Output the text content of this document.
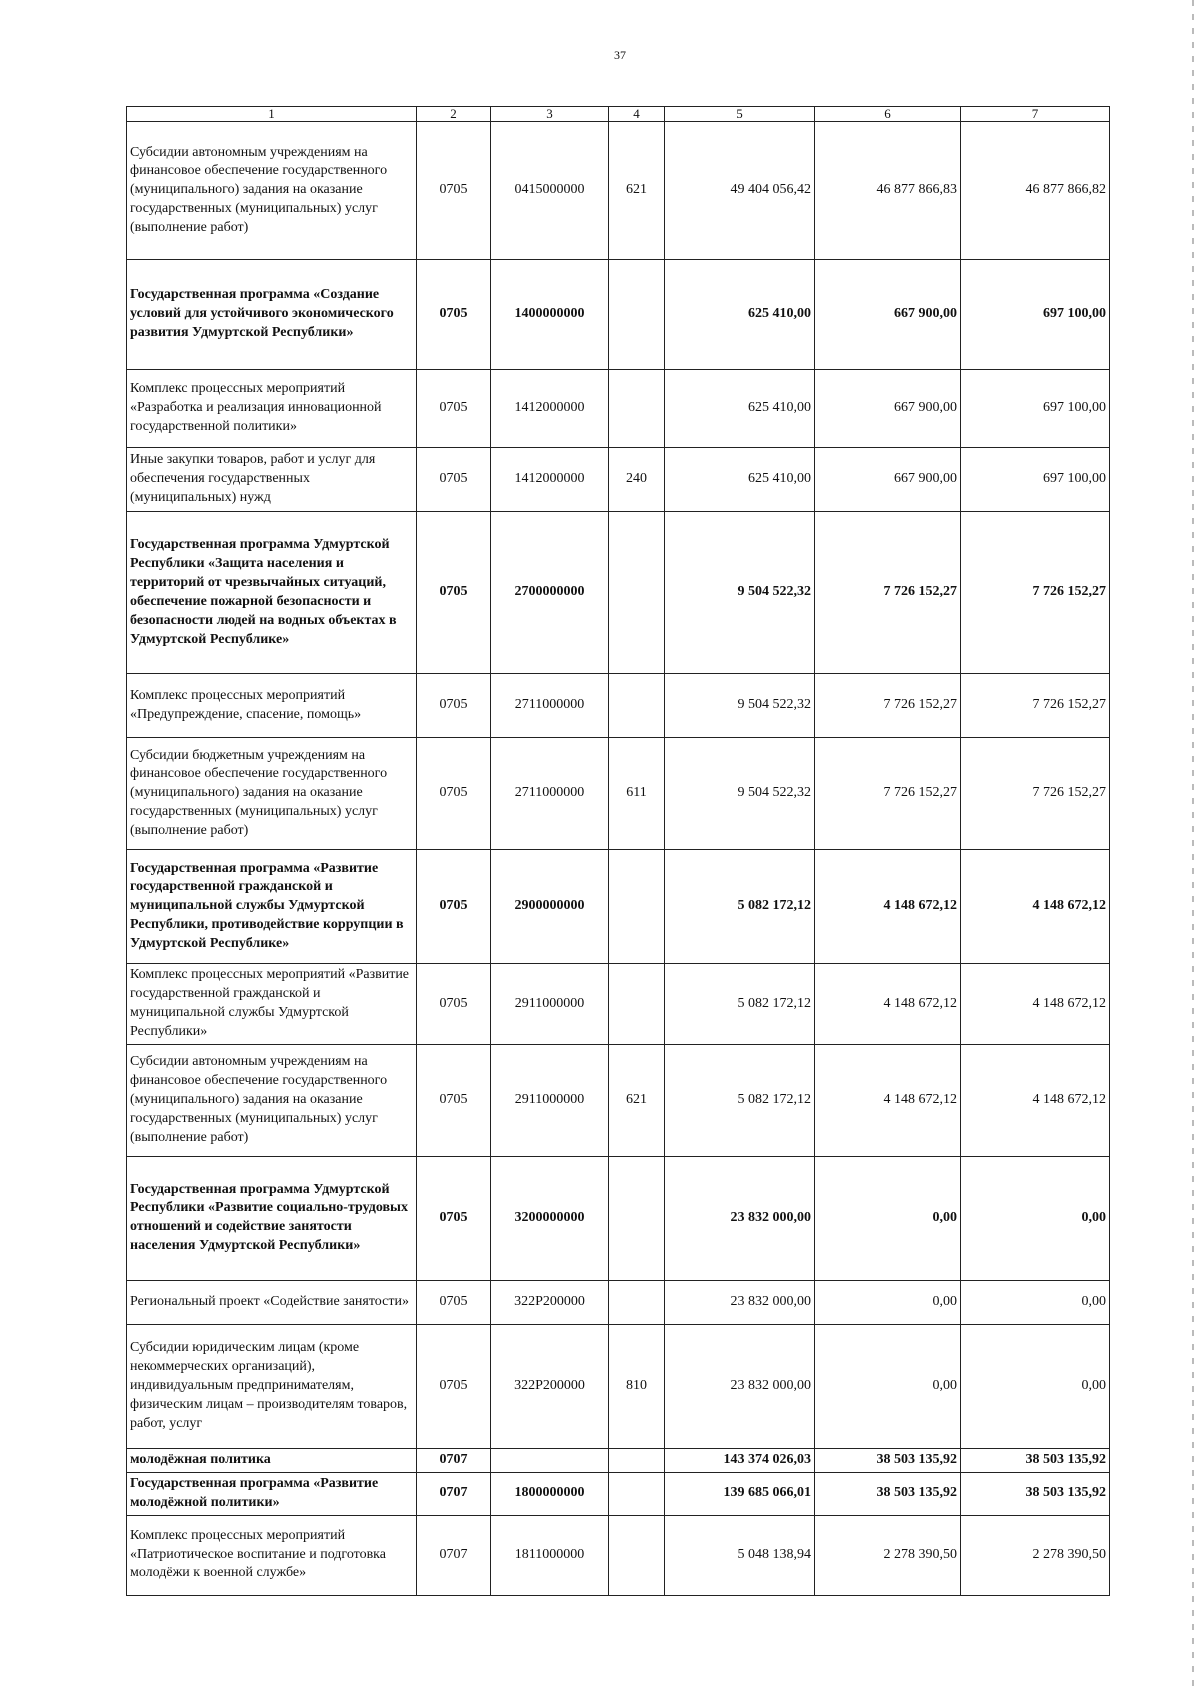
37
1	2	3	4	5	6	7
Субсидии автономным учреждениям на финансовое обеспечение государственного (муниципального) задания на оказание государственных (муниципальных) услуг (выполнение работ)	0705	0415000000	621	49 404 056,42	46 877 866,83	46 877 866,82
Государственная программа «Создание условий для устойчивого экономического развития Удмуртской Республики»	0705	1400000000		625 410,00	667 900,00	697 100,00
Комплекс процессных мероприятий «Разработка и реализация инновационной государственной политики»	0705	1412000000		625 410,00	667 900,00	697 100,00
Иные закупки товаров, работ и услуг для обеспечения государственных (муниципальных) нужд	0705	1412000000	240	625 410,00	667 900,00	697 100,00
Государственная программа Удмуртской Республики «Защита населения и территорий от чрезвычайных ситуаций, обеспечение пожарной безопасности и безопасности людей на водных объектах в Удмуртской Республике»	0705	2700000000		9 504 522,32	7 726 152,27	7 726 152,27
Комплекс процессных мероприятий «Предупреждение, спасение, помощь»	0705	2711000000		9 504 522,32	7 726 152,27	7 726 152,27
Субсидии бюджетным учреждениям на финансовое обеспечение государственного (муниципального) задания на оказание государственных (муниципальных) услуг (выполнение работ)	0705	2711000000	611	9 504 522,32	7 726 152,27	7 726 152,27
Государственная программа «Развитие государственной гражданской и муниципальной службы Удмуртской Республики, противодействие коррупции в Удмуртской Республике»	0705	2900000000		5 082 172,12	4 148 672,12	4 148 672,12
Комплекс процессных мероприятий «Развитие государственной гражданской и муниципальной службы Удмуртской Республики»	0705	2911000000		5 082 172,12	4 148 672,12	4 148 672,12
Субсидии автономным учреждениям на финансовое обеспечение государственного (муниципального) задания на оказание государственных (муниципальных) услуг (выполнение работ)	0705	2911000000	621	5 082 172,12	4 148 672,12	4 148 672,12
Государственная программа Удмуртской Республики «Развитие социально-трудовых отношений и содействие занятости населения Удмуртской Республики»	0705	3200000000		23 832 000,00	0,00	0,00
Региональный проект «Содействие занятости»	0705	322P200000		23 832 000,00	0,00	0,00
Субсидии юридическим лицам (кроме некоммерческих организаций), индивидуальным предпринимателям, физическим лицам – производителям товаров, работ, услуг	0705	322P200000	810	23 832 000,00	0,00	0,00
молодёжная политика	0707			143 374 026,03	38 503 135,92	38 503 135,92
Государственная программа «Развитие молодёжной политики»	0707	1800000000		139 685 066,01	38 503 135,92	38 503 135,92
Комплекс процессных мероприятий «Патриотическое воспитание и подготовка молодёжи к военной службе»	0707	1811000000		5 048 138,94	2 278 390,50	2 278 390,50
